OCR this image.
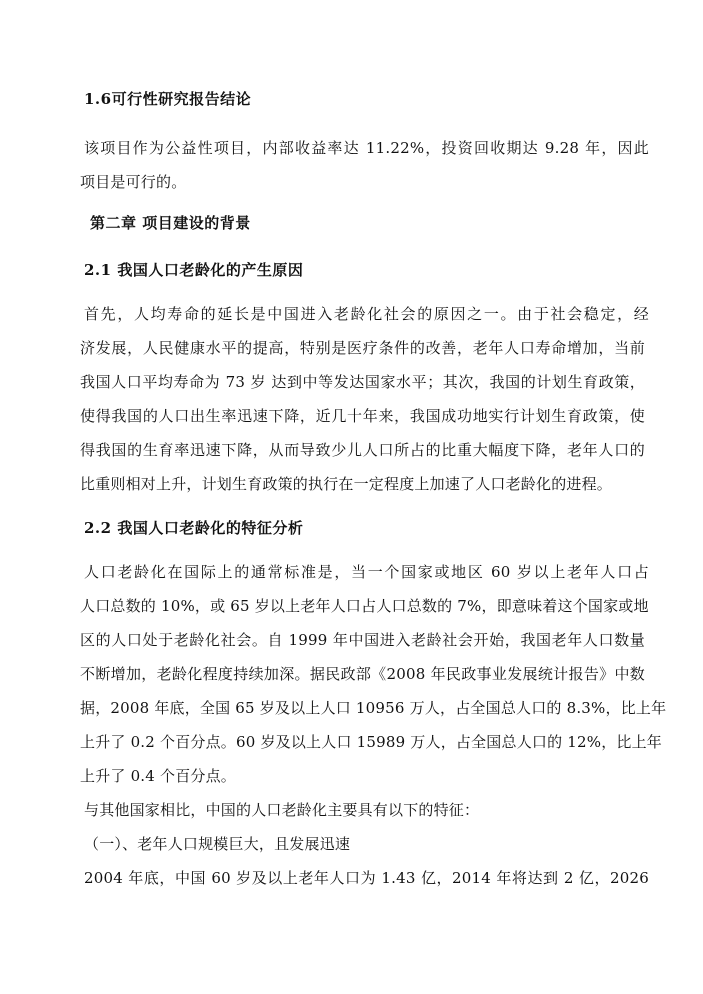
1.6可行性研究报告结论
该项目作为公益性项目，内部收益率达 11.22%，投资回收期达 9.28 年，因此
项目是可行的。
第二章 项目建设的背景
2.1 我国人口老龄化的产生原因
首先，人均寿命的延长是中国进入老龄化社会的原因之一。由于社会稳定，经
济发展，人民健康水平的提高，特别是医疗条件的改善，老年人口寿命增加，当前
我国人口平均寿命为 73 岁 达到中等发达国家水平；其次，我国的计划生育政策，
使得我国的人口出生率迅速下降，近几十年来，我国成功地实行计划生育政策，使
得我国的生育率迅速下降，从而导致少儿人口所占的比重大幅度下降，老年人口的
比重则相对上升，计划生育政策的执行在一定程度上加速了人口老龄化的进程。
2.2 我国人口老龄化的特征分析
人口老龄化在国际上的通常标准是，当一个国家或地区 60 岁以上老年人口占
人口总数的 10%，或 65 岁以上老年人口占人口总数的 7%，即意味着这个国家或地
区的人口处于老龄化社会。自 1999 年中国进入老龄社会开始，我国老年人口数量
不断增加，老龄化程度持续加深。据民政部《2008 年民政事业发展统计报告》中数
据，2008 年底，全国 65 岁及以上人口 10956 万人，占全国总人口的 8.3%，比上年
上升了 0.2 个百分点。60 岁及以上人口 15989 万人，占全国总人口的 12%，比上年
上升了 0.4 个百分点。
与其他国家相比，中国的人口老龄化主要具有以下的特征：
（一）、老年人口规模巨大，且发展迅速
2004 年底，中国 60 岁及以上老年人口为 1.43 亿，2014 年将达到 2 亿，2026
